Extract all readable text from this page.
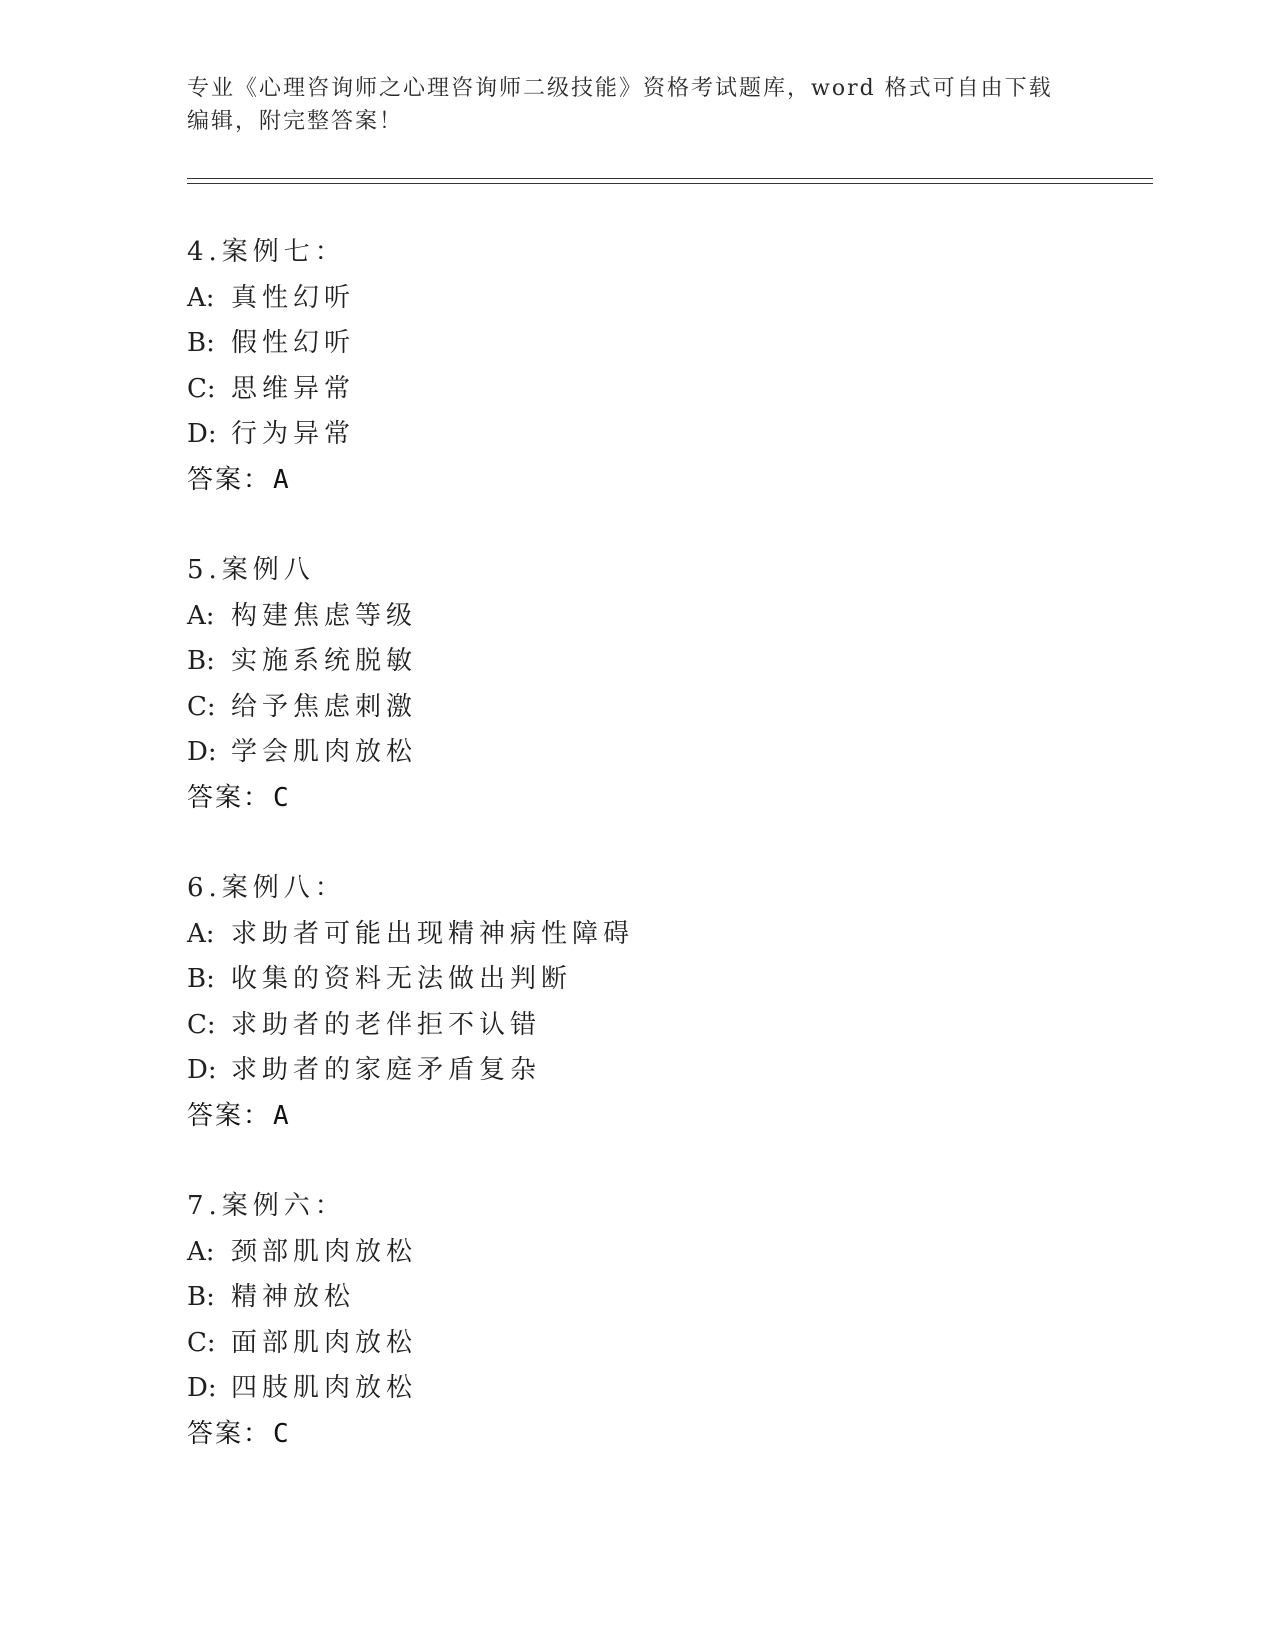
专业《心理咨询师之心理咨询师二级技能》资格考试题库，word 格式可自由下载
编辑，附完整答案！
4.案例七：
A: 真性幻听
B: 假性幻听
C: 思维异常
D: 行为异常
答案：A
5.案例八
A: 构建焦虑等级
B: 实施系统脱敏
C: 给予焦虑刺激
D: 学会肌肉放松
答案：C
6.案例八：
A: 求助者可能出现精神病性障碍
B: 收集的资料无法做出判断
C: 求助者的老伴拒不认错
D: 求助者的家庭矛盾复杂
答案：A
7.案例六：
A: 颈部肌肉放松
B: 精神放松
C: 面部肌肉放松
D: 四肢肌肉放松
答案：C
